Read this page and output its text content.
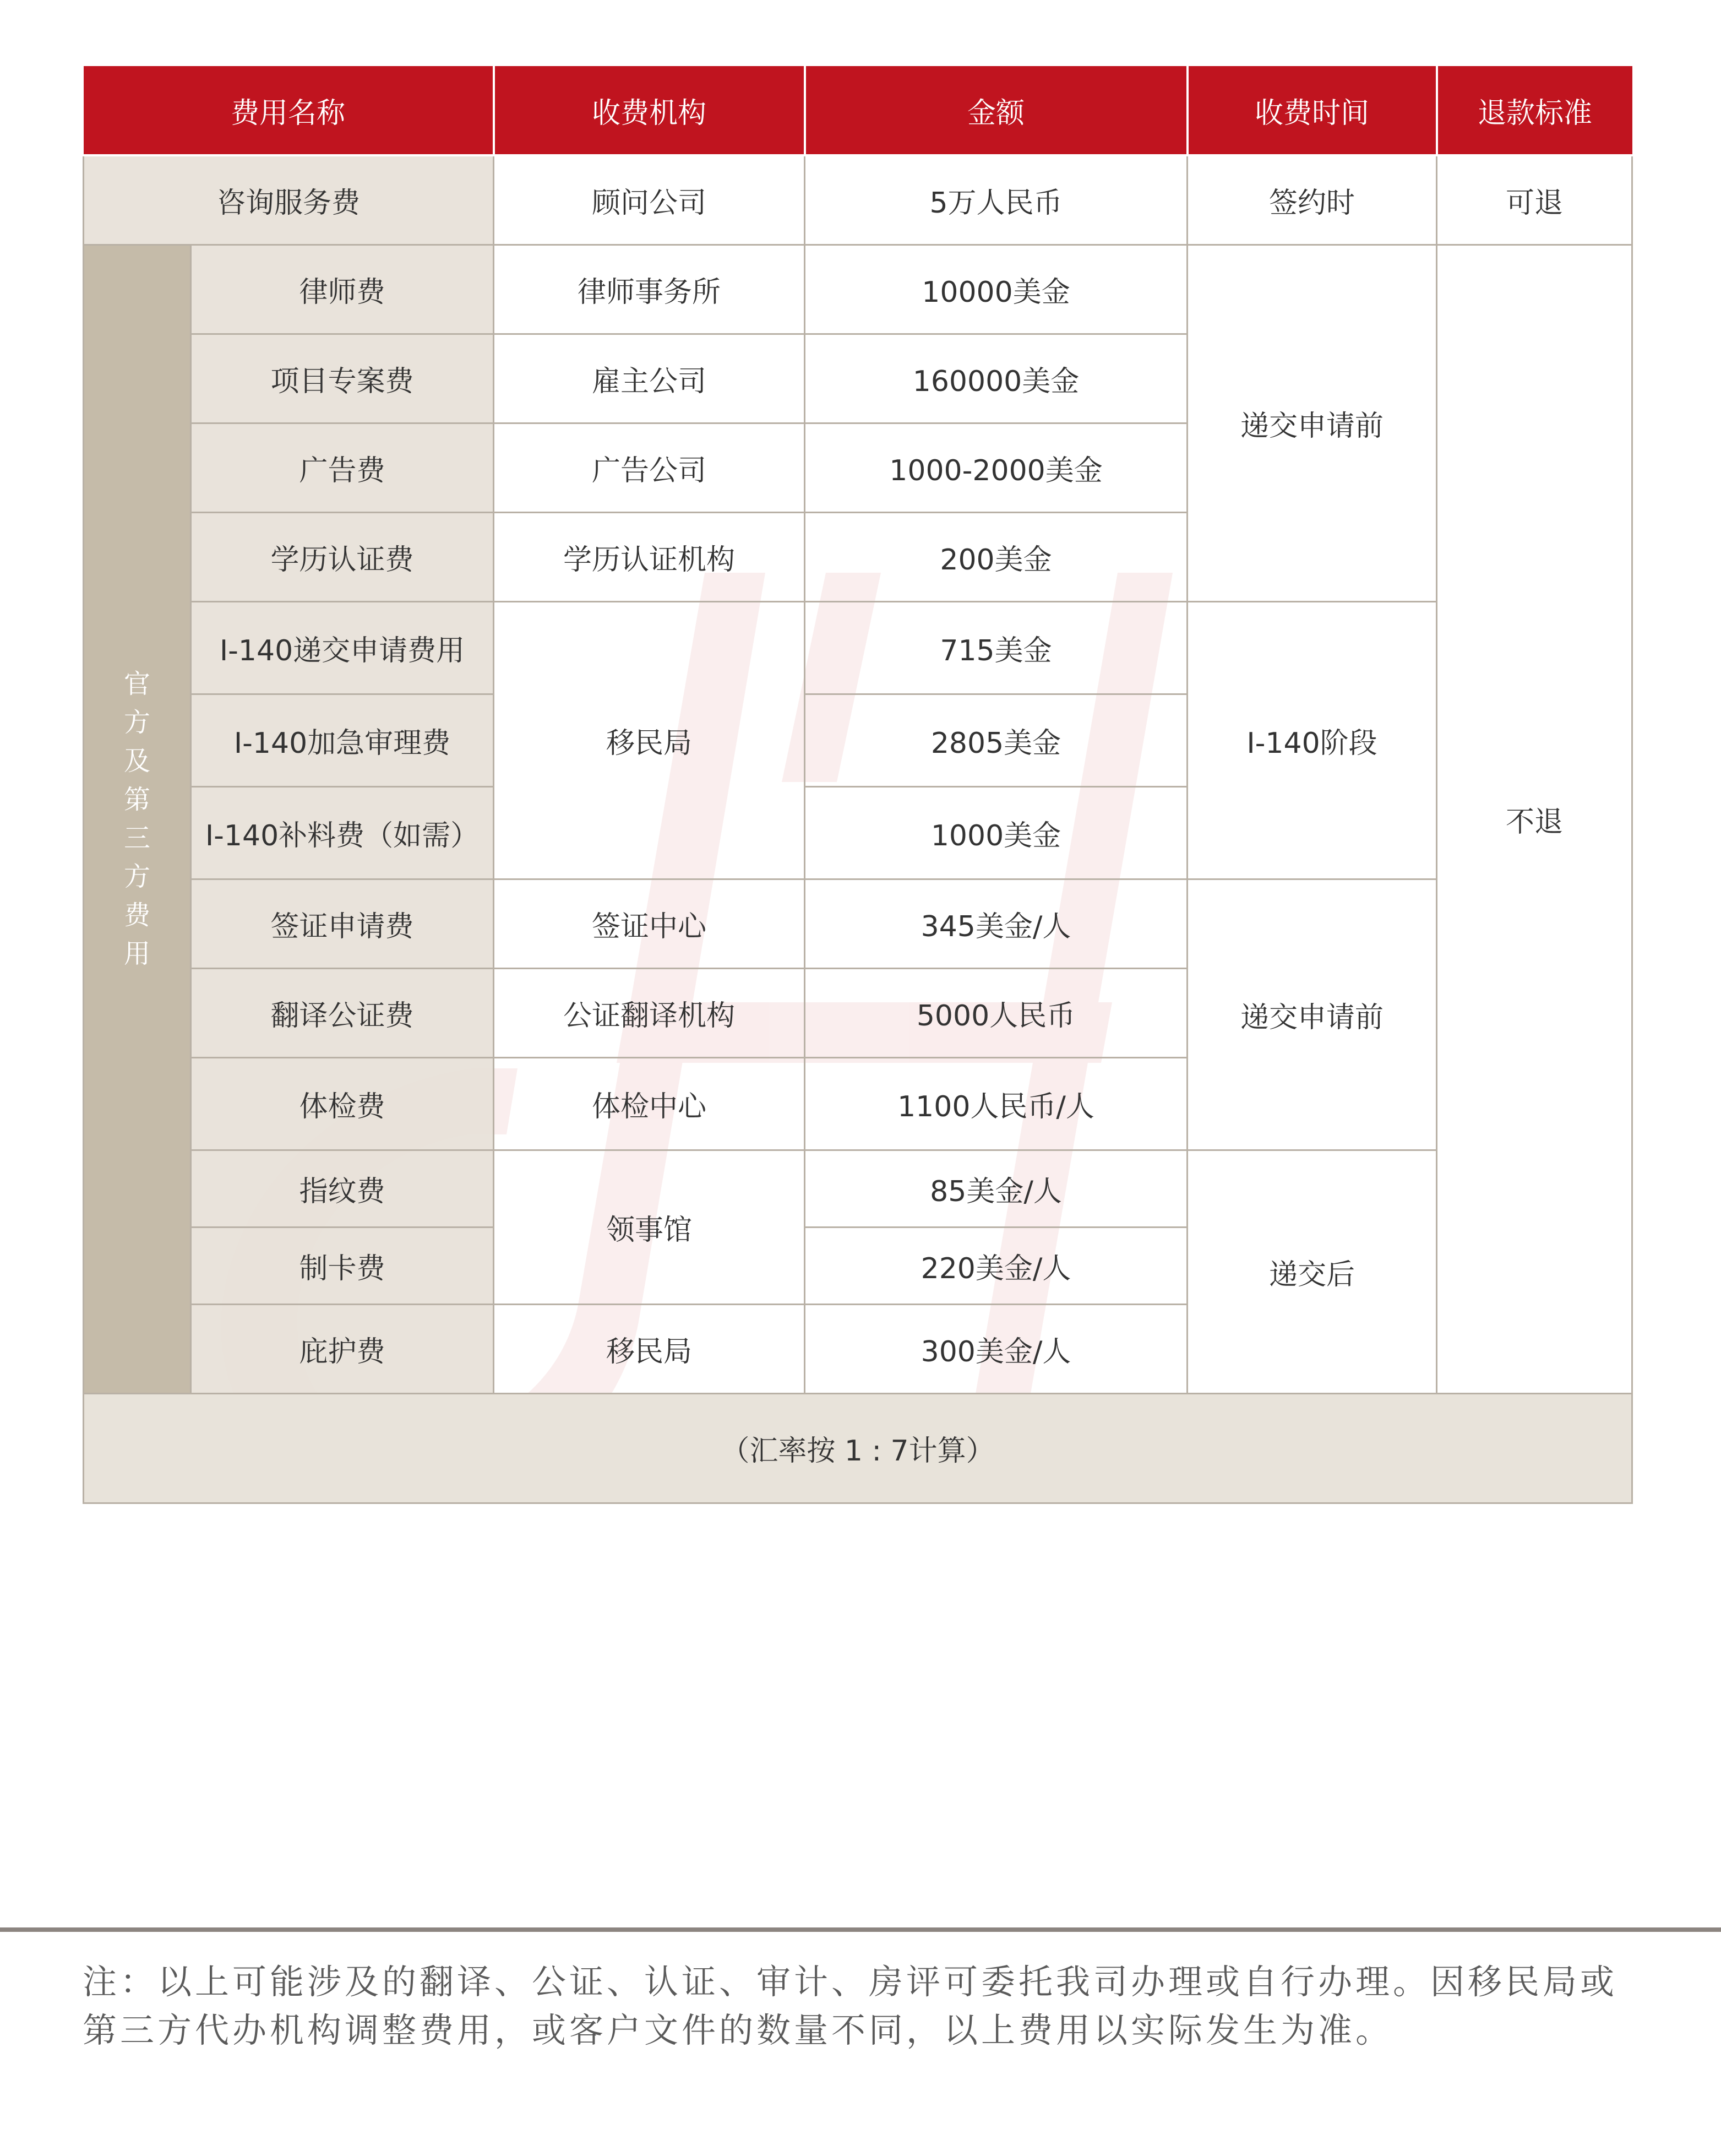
费用名称		收费机构	金额	收费时间	退款标准
咨询服务费		顾问公司	5万人民币	签约时	可退
官方及第三方费用	律师费	律师事务所	10000美金	递交申请前	不退
	项目专案费	雇主公司	160000美金		
	广告费	广告公司	1000-2000美金		
	学历认证费	学历认证机构	200美金		
	I-140递交申请费用	移民局	715美金	I-140阶段	
	I-140加急审理费		2805美金		
	I-140补料费（如需）		1000美金		
	签证申请费	签证中心	345美金/人	递交申请前	
	翻译公证费	公证翻译机构	5000人民币		
	体检费	体检中心	1100人民币/人		
	指纹费	领事馆	85美金/人	递交后	
	制卡费		220美金/人		
	庇护费	移民局	300美金/人		
（汇率按 1 : 7计算）					
注：以上可能涉及的翻译、公证、认证、审计、房评可委托我司办理或自行办理。因移民局或第三方代办机构调整费用，或客户文件的数量不同，以上费用以实际发生为准。
